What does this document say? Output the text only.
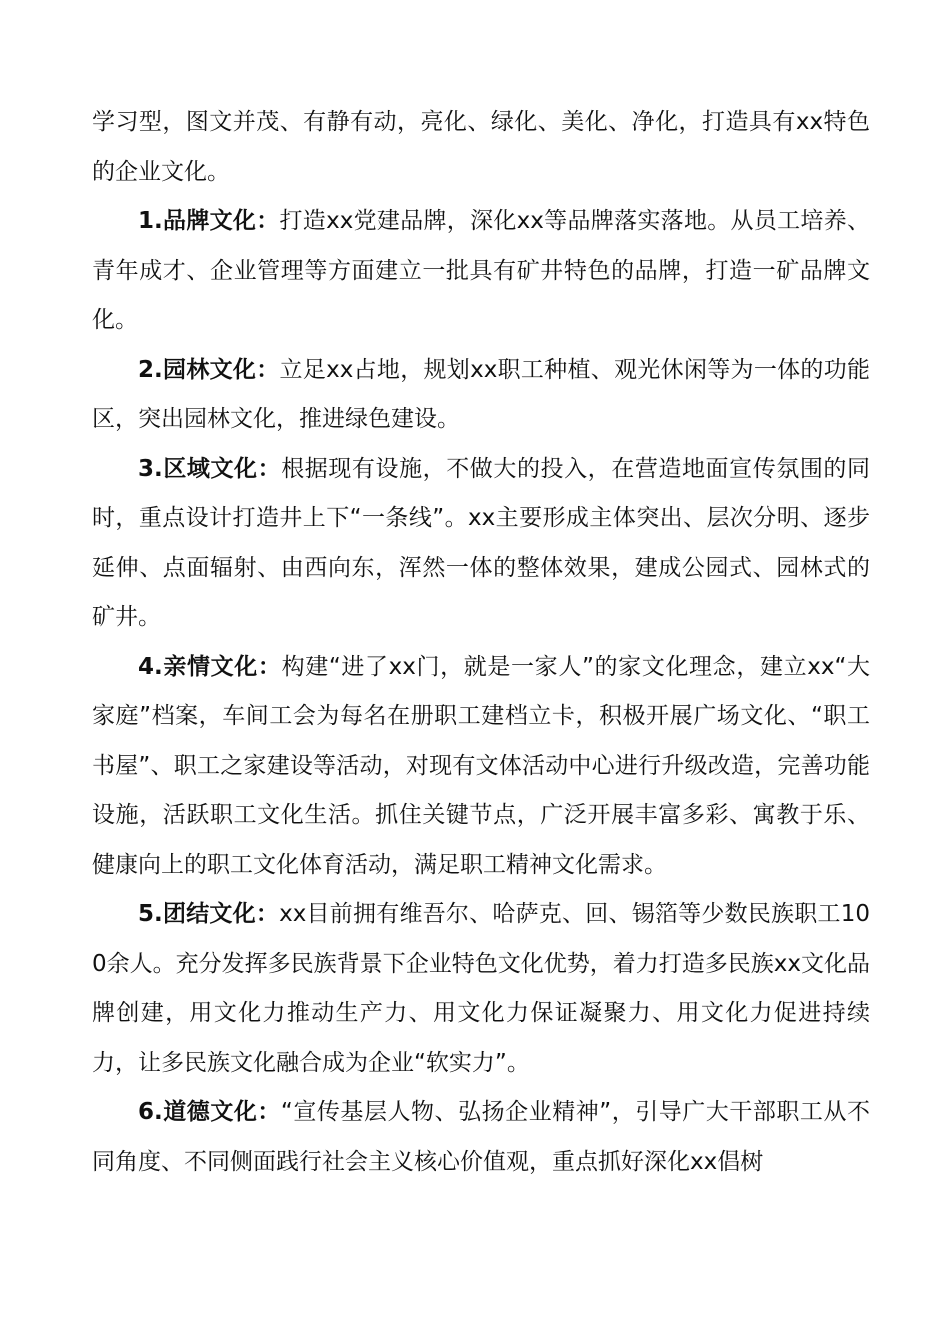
学习型，图文并茂、有静有动，亮化、绿化、美化、净化，打造具有xx特色的企业文化。

1.品牌文化：打造xx党建品牌，深化xx等品牌落实落地。从员工培养、青年成才、企业管理等方面建立一批具有矿井特色的品牌，打造一矿品牌文化。

2.园林文化：立足xx占地，规划xx职工种植、观光休闲等为一体的功能区，突出园林文化，推进绿色建设。

3.区域文化：根据现有设施，不做大的投入，在营造地面宣传氛围的同时，重点设计打造井上下“一条线”。xx主要形成主体突出、层次分明、逐步延伸、点面辐射、由西向东，浑然一体的整体效果，建成公园式、园林式的矿井。

4.亲情文化：构建“进了xx门，就是一家人”的家文化理念，建立xx“大家庭”档案，车间工会为每名在册职工建档立卡，积极开展广场文化、“职工书屋”、职工之家建设等活动，对现有文体活动中心进行升级改造，完善功能设施，活跃职工文化生活。抓住关键节点，广泛开展丰富多彩、寓教于乐、健康向上的职工文化体育活动，满足职工精神文化需求。

5.团结文化：xx目前拥有维吾尔、哈萨克、回、锡箔等少数民族职工100余人。充分发挥多民族背景下企业特色文化优势，着力打造多民族xx文化品牌创建，用文化力推动生产力、用文化力保证凝聚力、用文化力促进持续力，让多民族文化融合成为企业“软实力”。

6.道德文化：“宣传基层人物、弘扬企业精神”，引导广大干部职工从不同角度、不同侧面践行社会主义核心价值观，重点抓好深化xx倡树
